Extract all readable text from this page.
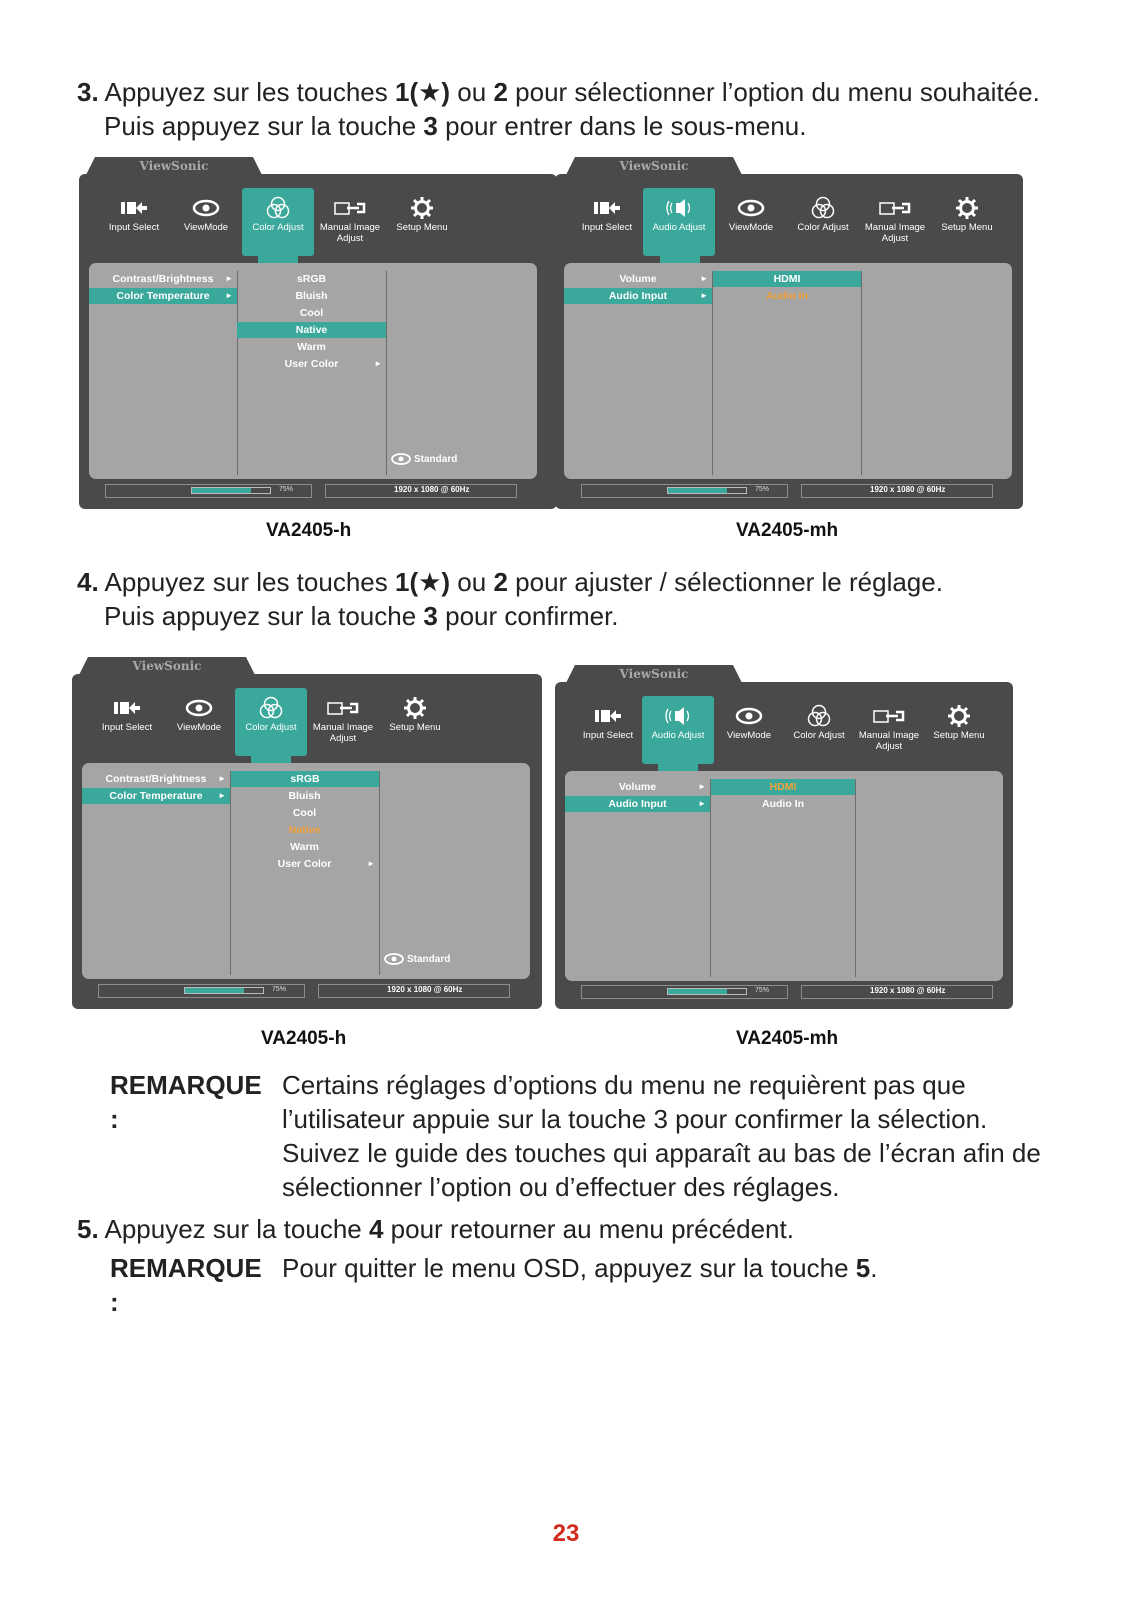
3. Appuyez sur les touches 1(★) ou 2 pour sélectionner l’option du menu souhaitée.
Puis appuyez sur la touche 3 pour entrer dans le sous-menu.
ViewSonic
Input Select	ViewMode	Color Adjust	Manual Image Adjust
Setup Menu
Contrast/Brightness ►
Color Temperature ►
sRGB
Bluish
Cool
Native
Warm
User Color	►
Standard
75%	1920 x 1080 @ 60Hz
ViewSonic
Input Select	Audio Adjust	ViewMode	Color Adjust	Manual Image Adjust
Setup Menu
Volume	►
Audio Input	►
HDMI
Audio In
75%	1920 x 1080 @ 60Hz
VA2405-h	VA2405-mh
4. Appuyez sur les touches 1(★) ou 2 pour ajuster / sélectionner le réglage.
Puis appuyez sur la touche 3 pour confirmer.
ViewSonic
Input Select	ViewMode	Color Adjust	Manual Image Adjust
Setup Menu
Contrast/Brightness ►
Color Temperature ►
sRGB
Bluish
Cool
Native
Warm
User Color	►
Standard
75%	1920 x 1080 @ 60Hz
ViewSonic
Input Select	Audio Adjust	ViewMode	Color Adjust	Manual Image Adjust
Setup Menu
Volume	►
Audio Input	►
HDMI
Audio In
75%	1920 x 1080 @ 60Hz
VA2405-h	VA2405-mh
REMARQUE :
Certains réglages d’options du menu ne requièrent pas que
l’utilisateur appuie sur la touche 3 pour confirmer la sélection.
Suivez le guide des touches qui apparaît au bas de l’écran afin de
sélectionner l’option ou d’effectuer des réglages.
5. Appuyez sur la touche 4 pour retourner au menu précédent.
REMARQUE :
Pour quitter le menu OSD, appuyez sur la touche 5.
23
